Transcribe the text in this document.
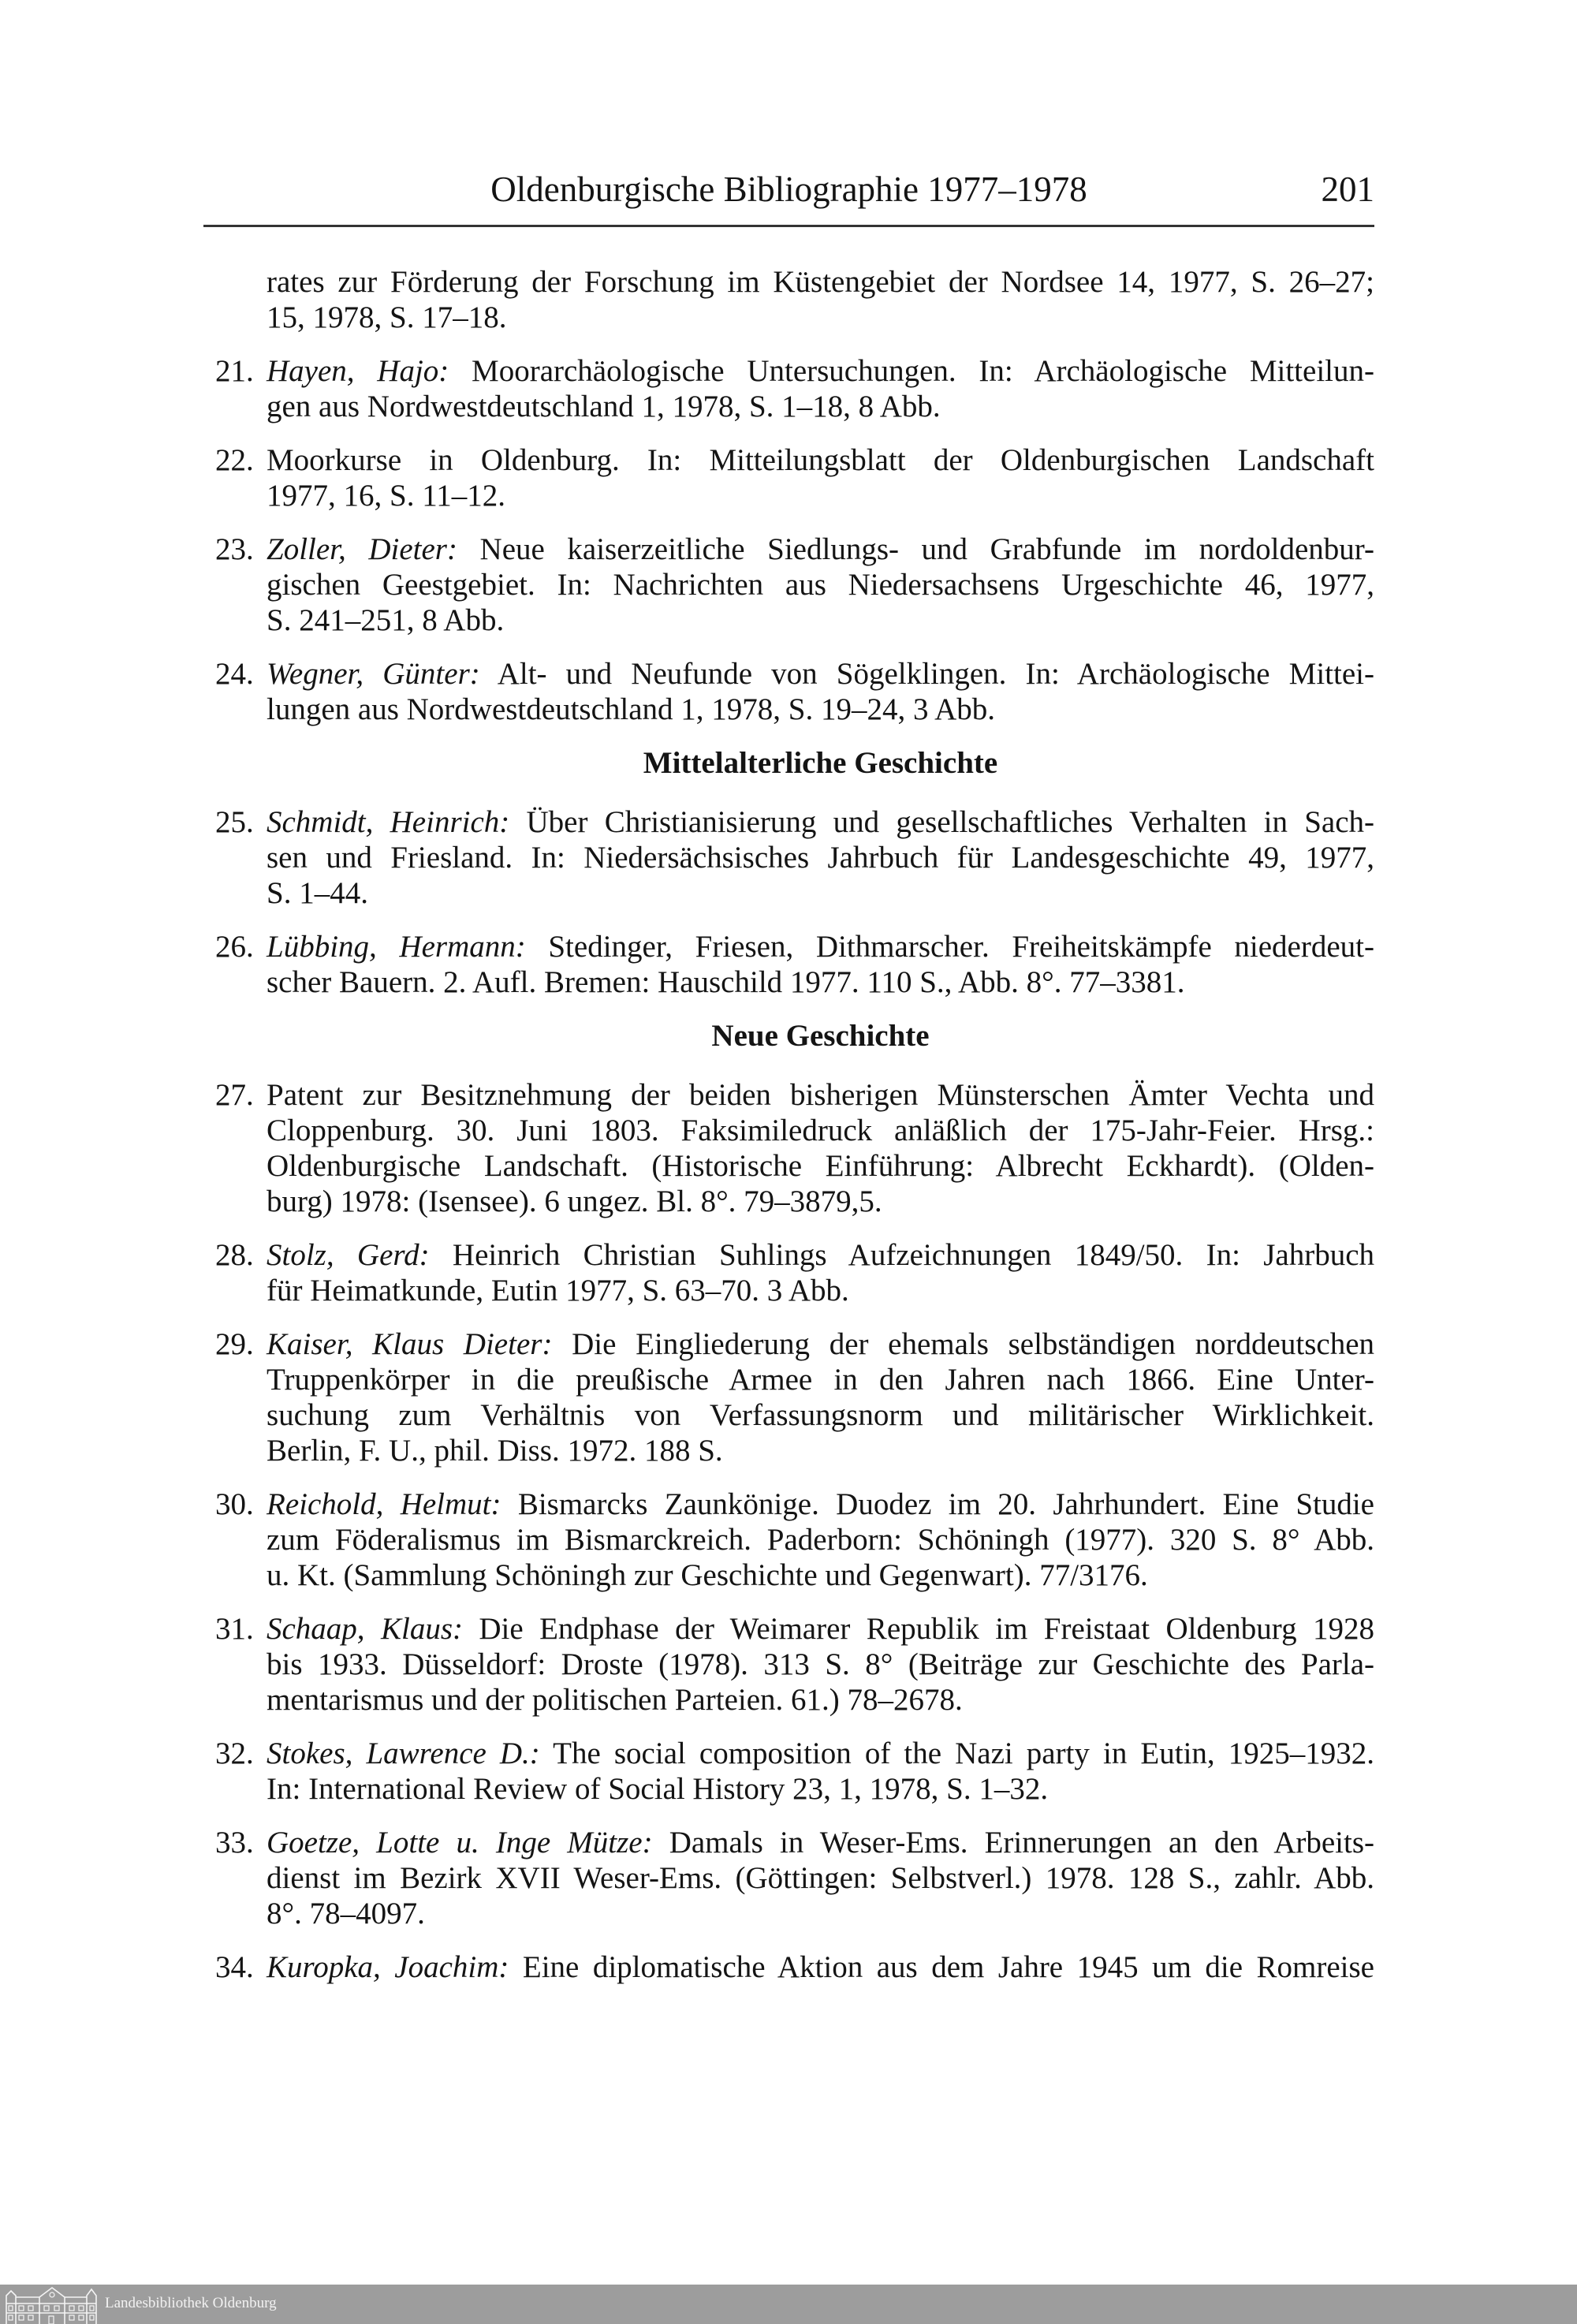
Oldenburgische Bibliographie 1977–1978	201
rates zur Förderung der Forschung im Küstengebiet der Nordsee 14, 1977, S. 26–27;
15, 1978, S. 17–18.
21. Hayen, Hajo: Moorarchäologische Untersuchungen. In: Archäologische Mitteilun-
gen aus Nordwestdeutschland 1, 1978, S. 1–18, 8 Abb.
22. Moorkurse in Oldenburg. In: Mitteilungsblatt der Oldenburgischen Landschaft
1977, 16, S. 11–12.
23. Zoller, Dieter: Neue kaiserzeitliche Siedlungs- und Grabfunde im nordoldenbur-
gischen Geestgebiet. In: Nachrichten aus Niedersachsens Urgeschichte 46, 1977,
S. 241–251, 8 Abb.
24. Wegner, Günter: Alt- und Neufunde von Sögelklingen. In: Archäologische Mittei-
lungen aus Nordwestdeutschland 1, 1978, S. 19–24, 3 Abb.
Mittelalterliche Geschichte
25. Schmidt, Heinrich: Über Christianisierung und gesellschaftliches Verhalten in Sach-
sen und Friesland. In: Niedersächsisches Jahrbuch für Landesgeschichte 49, 1977,
S. 1–44.
26. Lübbing, Hermann: Stedinger, Friesen, Dithmarscher. Freiheitskämpfe niederdeut-
scher Bauern. 2. Aufl. Bremen: Hauschild 1977. 110 S., Abb. 8°. 77–3381.
Neue Geschichte
27. Patent zur Besitznehmung der beiden bisherigen Münsterschen Ämter Vechta und
Cloppenburg. 30. Juni 1803. Faksimiledruck anläßlich der 175-Jahr-Feier. Hrsg.:
Oldenburgische Landschaft. (Historische Einführung: Albrecht Eckhardt). (Olden-
burg) 1978: (Isensee). 6 ungez. Bl. 8°. 79–3879,5.
28. Stolz, Gerd: Heinrich Christian Suhlings Aufzeichnungen 1849/50. In: Jahrbuch
für Heimatkunde, Eutin 1977, S. 63–70. 3 Abb.
29. Kaiser, Klaus Dieter: Die Eingliederung der ehemals selbständigen norddeutschen
Truppenkörper in die preußische Armee in den Jahren nach 1866. Eine Unter-
suchung zum Verhältnis von Verfassungsnorm und militärischer Wirklichkeit.
Berlin, F. U., phil. Diss. 1972. 188 S.
30. Reichold, Helmut: Bismarcks Zaunkönige. Duodez im 20. Jahrhundert. Eine Studie
zum Föderalismus im Bismarckreich. Paderborn: Schöningh (1977). 320 S. 8° Abb.
u. Kt. (Sammlung Schöningh zur Geschichte und Gegenwart). 77/3176.
31. Schaap, Klaus: Die Endphase der Weimarer Republik im Freistaat Oldenburg 1928
bis 1933. Düsseldorf: Droste (1978). 313 S. 8° (Beiträge zur Geschichte des Parla-
mentarismus und der politischen Parteien. 61.) 78–2678.
32. Stokes, Lawrence D.: The social composition of the Nazi party in Eutin, 1925–1932.
In: International Review of Social History 23, 1, 1978, S. 1–32.
33. Goetze, Lotte u. Inge Mütze: Damals in Weser-Ems. Erinnerungen an den Arbeits-
dienst im Bezirk XVII Weser-Ems. (Göttingen: Selbstverl.) 1978. 128 S., zahlr. Abb.
8°. 78–4097.
34. Kuropka, Joachim: Eine diplomatische Aktion aus dem Jahre 1945 um die Romreise
Landesbibliothek Oldenburg
